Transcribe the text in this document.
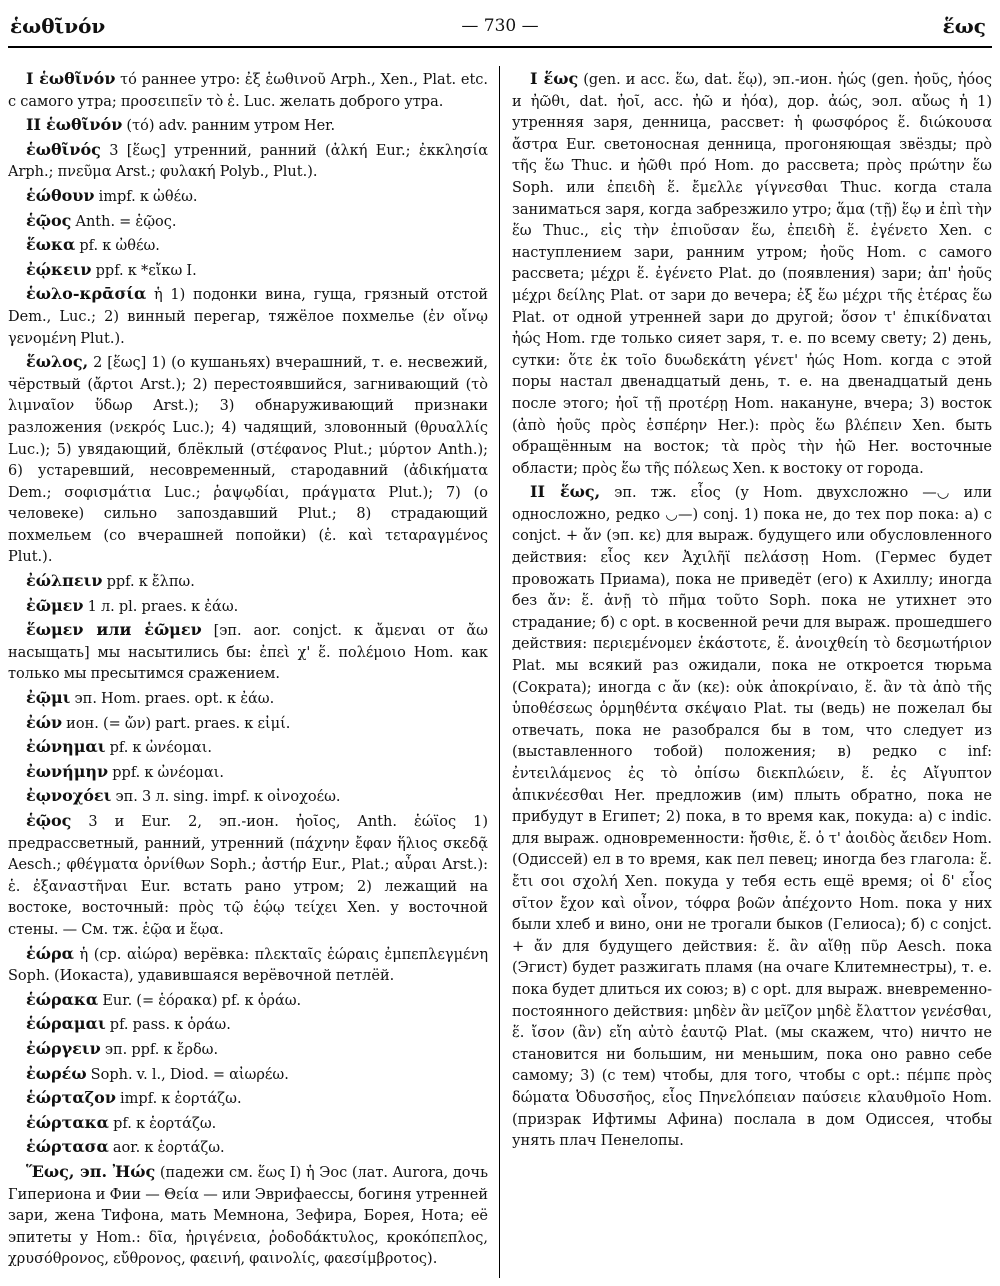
ἑωθῖνόν	— 730 —	ἕως

I ἑωθῖνόν τό раннее утро: ἐξ ἑωθινοῦ Arph., Xen., Plat. etc. с самого утра; προσειπεῖν τὸ ἑ. Luc. желать доброго утра.

II ἑωθῖνόν (τό) adv. ранним утром Her.

ἑωθῖνός 3 [ἕως] утренний, ранний (ἀλκή Eur.; ἐκκλησία Arph.; πνεῦμα Arst.; φυλακή Polyb., Plut.).

ἑώθουν impf. к ὠθέω.

ἑῷος Anth. = ἑῷος.

ἕωκα pf. к ὠθέω.

ἐῴκειν ppf. к *εἴκω I.

ἑωλο-κρᾱσία ἡ 1) подонки вина, гуща, грязный отстой Dem., Luc.; 2) винный перегар, тяжёлое похмелье (ἐν οἴνῳ γενομένη Plut.).

ἕωλος, 2 [ἕως] 1) (о кушаньях) вчерашний, т. е. несвежий, чёрствый (ἄρτοι Arst.); 2) перестоявшийся, загнивающий (τὸ λιμναῖον ὕδωρ Arst.); 3) обнаруживающий признаки разложения (νεκρός Luc.); 4) чадящий, зловонный (θρυαλλίς Luc.); 5) увядающий, блёклый (στέφανος Plut.; μύρτον Anth.); 6) устаревший, несовременный, стародавний (ἀδικήματα Dem.; σοφισμάτια Luc.; ῥαψῳδίαι, πράγματα Plut.); 7) (о человеке) сильно запоздавший Plut.; 8) страдающий похмельем (со вчерашней попойки) (ἑ. καὶ τεταραγμένος Plut.).

ἐώλπειν ppf. к ἔλπω.

ἐῶμεν 1 л. pl. praes. к ἐάω.

ἕωμεν или ἑῶμεν [эп. aor. conjct. к ἄμεναι от ἄω насыщать] мы насытились бы: ἐπεὶ χ' ἕ. πολέμοιο Hom. как только мы пресытимся сражением.

ἐῷμι эп. Hom. praes. opt. к ἐάω.

ἐών ион. (= ὤν) part. praes. к εἰμί.

ἐώνημαι pf. к ὠνέομαι.

ἐωνήμην ppf. к ὠνέομαι.

ἐῳνοχόει эп. 3 л. sing. impf. к οἰνοχοέω.

ἑῷος 3 и Eur. 2, эп.-ион. ἠοῖος, Anth. ἑώϊος 1) предрассветный, ранний, утренний (πάχνην ἔφαν ἥλιος σκεδᾷ Aesch.; φθέγματα ὀρνίθων Soph.; ἀστήρ Eur., Plat.; αὖραι Arst.): ἑ. ἐξαναστῆναι Eur. встать рано утром; 2) лежащий на востоке, восточный: πρὸς τῷ ἑῴῳ τείχει Xen. у восточной стены. — См. тж. ἑῷα и ἕῳα.

ἑώρα ἡ (ср. αἰώρα) верёвка: πλεκταῖς ἑώραις ἐμπεπλεγμένη Soph. (Иокаста), удавившаяся верёвочной петлёй.

ἑώρακα Eur. (= ἑόρακα) pf. к ὁράω.

ἑώραμαι pf. pass. к ὁράω.

ἐώργειν эп. ppf. к ἔρδω.

ἐωρέω Soph. v. l., Diod. = αἰωρέω.

ἑώρταζον impf. к ἑορτάζω.

ἑώρτακα pf. к ἑορτάζω.

ἑώρτασα aor. к ἑορτάζω.

Ἕως, эп. Ἠώς (падежи см. ἕως I) ἡ Эос (лат. Aurora, дочь Гипериона и Фии — Θεία — или Эврифаессы, богиня утренней зари, жена Тифона, мать Мемнона, Зефира, Борея, Нота; её эпитеты у Hom.: δῖα, ἠριγένεια, ῥοδοδάκτυλος, κροκόπεπλος, χρυσόθρονος, εὔθρονος, φαεινή, φαινολίς, φαεσίμβροτος).

I ἕως (gen. и acc. ἕω, dat. ἕῳ), эп.-ион. ἠώς (gen. ἠοῦς, ἠόος и ἠῶθι, dat. ἠοῖ, acc. ἠῶ и ἠόα), дор. ἀώς, эол. αὔως ἡ 1) утренняя заря, денница, рассвет: ἡ φωσφόρος ἕ. διώκουσα ἄστρα Eur. светоносная денница, прогоняющая звёзды; πρὸ τῆς ἕω Thuc. и ἠῶθι πρό Hom. до рассвета; πρὸς πρώτην ἕω Soph. или ἐπειδὴ ἕ. ἔμελλε γίγνεσθαι Thuc. когда стала заниматься заря, когда забрезжило утро; ἅμα (τῇ) ἕῳ и ἐπὶ τὴν ἕω Thuc., εἰς τὴν ἐπιοῦσαν ἕω, ἐπειδὴ ἕ. ἐγένετο Xen. с наступлением зари, ранним утром; ἠοῦς Hom. с самого рассвета; μέχρι ἕ. ἐγένετο Plat. до (появления) зари; ἀπ' ἠοῦς μέχρι δείλης Plat. от зари до вечера; ἐξ ἕω μέχρι τῆς ἑτέρας ἕω Plat. от одной утренней зари до другой; ὅσον τ' ἐπικίδναται ἠώς Hom. где только сияет заря, т. е. по всему свету; 2) день, сутки: ὅτε ἐκ τοῖο δυωδεκάτη γένετ' ἠώς Hom. когда с этой поры настал двенадцатый день, т. е. на двенадцатый день после этого; ἠοῖ τῇ προτέρῃ Hom. накануне, вчера; 3) восток (ἀπὸ ἠοῦς πρὸς ἑσπέρην Her.): πρὸς ἕω βλέπειν Xen. быть обращённым на восток; τὰ πρὸς τὴν ἠῶ Her. восточные области; πρὸς ἕω τῆς πόλεως Xen. к востоку от города.

II ἕως, эп. тж. εἷος (у Hom. двухсложно —◡ или односложно, редко ◡—) conj. 1) пока не, до тех пор пока: а) с conjct. + ἄν (эп. κε) для выраж. будущего или обусловленного действия: εἷος κεν Ἀχιλῆϊ πελάσσῃ Hom. (Гермес будет провожать Приама), пока не приведёт (его) к Ахиллу; иногда без ἄν: ἕ. ἀνῇ τὸ πῆμα τοῦτο Soph. пока не утихнет это страдание; б) с opt. в косвенной речи для выраж. прошедшего действия: περιεμένομεν ἑκάστοτε, ἕ. ἀνοιχθείη τὸ δεσμωτήριον Plat. мы всякий раз ожидали, пока не откроется тюрьма (Сократа); иногда с ἄν (κε): οὐκ ἀποκρίναιο, ἕ. ἂν τὰ ἀπὸ τῆς ὑποθέσεως ὁρμηθέντα σκέψαιο Plat. ты (ведь) не пожелал бы отвечать, пока не разобрался бы в том, что следует из (выставленного тобой) положения; в) редко с inf: ἐντειλάμενος ἐς τὸ ὀπίσω διεκπλώειν, ἕ. ἐς Αἴγυπτον ἀπικνέεσθαι Her. предложив (им) плыть обратно, пока не прибудут в Египет; 2) пока, в то время как, покуда: а) с indic. для выраж. одновременности: ἤσθιε, ἕ. ὁ τ' ἀοιδὸς ἄειδεν Hom. (Одиссей) ел в то время, как пел певец; иногда без глагола: ἕ. ἔτι σοι σχολή Xen. покуда у тебя есть ещё время; οἱ δ' εἷος σῖτον ἔχον καὶ οἶνον, τόφρα βοῶν ἀπέχοντο Hom. пока у них были хлеб и вино, они не трогали быков (Гелиоса); б) с conjct. + ἄν для будущего действия: ἕ. ἂν αἴθῃ πῦρ Aesch. пока (Эгист) будет разжигать пламя (на очаге Клитемнестры), т. е. пока будет длиться их союз; в) с opt. для выраж. вневременно-постоянного действия: μηδὲν ἂν μεῖζον μηδὲ ἔλαττον γενέσθαι, ἕ. ἴσον (ἂν) εἴη αὐτὸ ἑαυτῷ Plat. (мы скажем, что) ничто не становится ни большим, ни меньшим, пока оно равно себе самому; 3) (с тем) чтобы, для того, чтобы с opt.: πέμπε πρὸς δώματα Ὀδυσσῆος, εἷος Πηνελόπειαν παύσειε κλαυθμοῖο Hom. (призрак Ифтимы Афина) послала в дом Одиссея, чтобы унять плач Пенелопы.
